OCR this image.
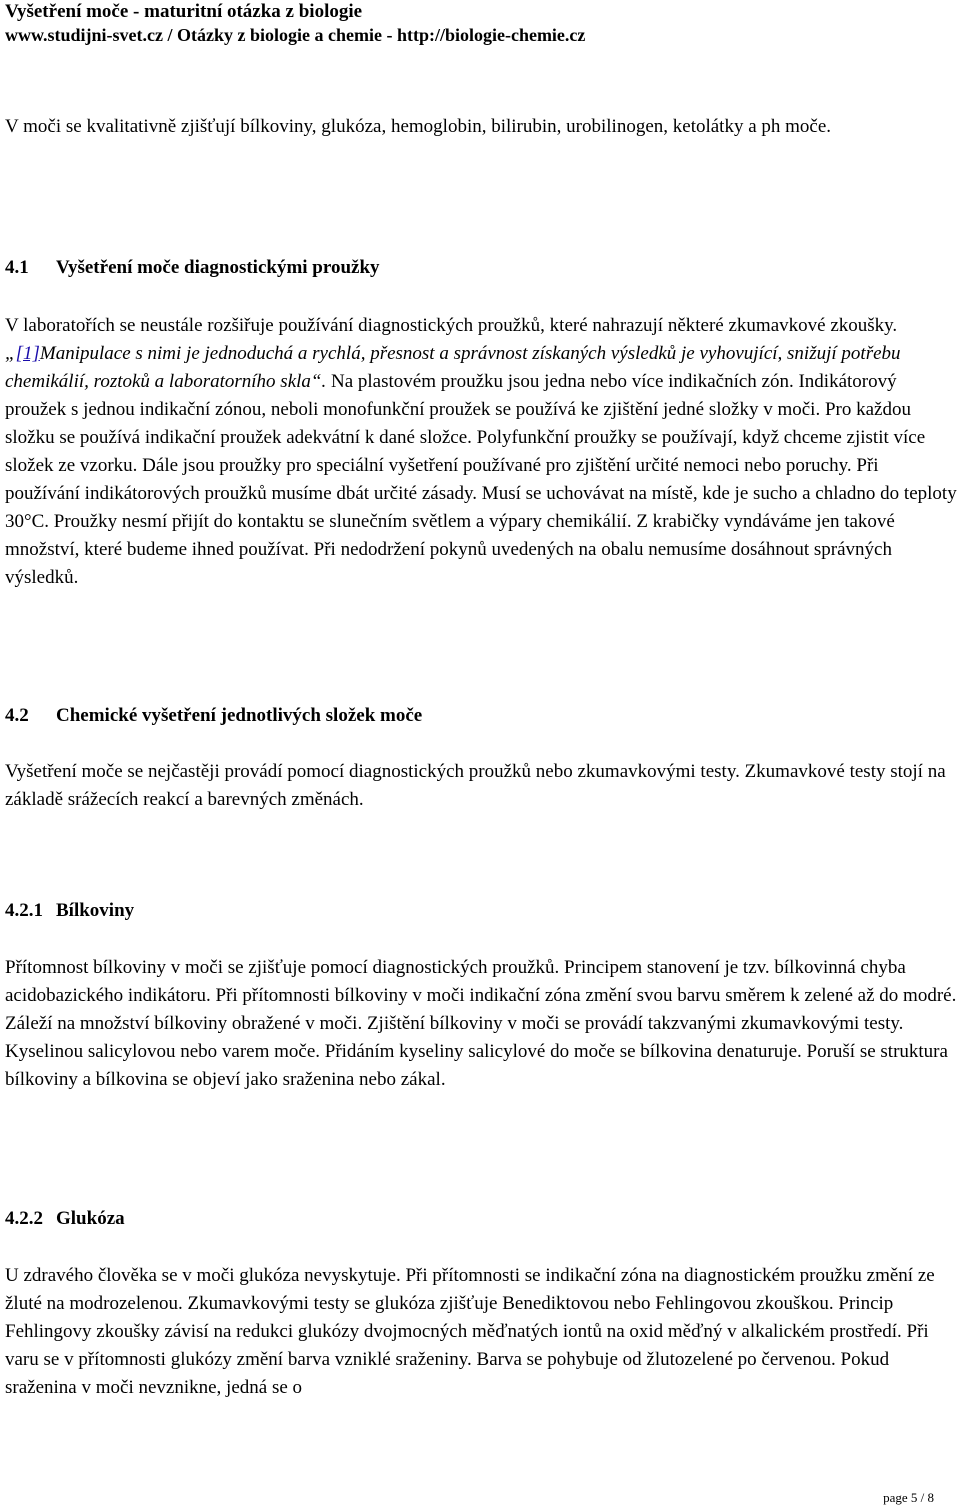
Vyšetření moče - maturitní otázka z biologie
www.studijni-svet.cz / Otázky z biologie a chemie - http://biologie-chemie.cz
V moči se kvalitativně zjišťují bílkoviny, glukóza, hemoglobin, bilirubin, urobilinogen, ketolátky a ph moče.
4.1 Vyšetření moče diagnostickými proužky
V laboratořích se neustále rozšiřuje používání diagnostických proužků, které nahrazují některé zkumavkové zkoušky. „[1]Manipulace s nimi je jednoduchá a rychlá, přesnost a správnost získaných výsledků je vyhovující, snižují potřebu chemikálií, roztoků a laboratorního skla“. Na plastovém proužku jsou jedna nebo více indikačních zón. Indikátorový proužek s jednou indikační zónou, neboli monofunkční proužek se používá ke zjištění jedné složky v moči. Pro každou složku se používá indikační proužek adekvátní k dané složce. Polyfunkční proužky se používají, když chceme zjistit více složek ze vzorku. Dále jsou proužky pro speciální vyšetření používané pro zjištění určité nemoci nebo poruchy. Při používání indikátorových proužků musíme dbát určité zásady. Musí se uchovávat na místě, kde je sucho a chladno do teploty 30°C. Proužky nesmí přijít do kontaktu se slunečním světlem a výpary chemikálií. Z krabičky vyndáváme jen takové množství, které budeme ihned používat. Při nedodržení pokynů uvedených na obalu nemusíme dosáhnout správných výsledků.
4.2 Chemické vyšetření jednotlivých složek moče
Vyšetření moče se nejčastěji provádí pomocí diagnostických proužků nebo zkumavkovými testy. Zkumavkové testy stojí na základě srážecích reakcí a barevných změnách.
4.2.1 Bílkoviny
Přítomnost bílkoviny v moči se zjišťuje pomocí diagnostických proužků. Principem stanovení je tzv. bílkovinná chyba acidobazického indikátoru. Při přítomnosti bílkoviny v moči indikační zóna změní svou barvu směrem k zelené až do modré. Záleží na množství bílkoviny obražené v moči. Zjištění bílkoviny v moči se provádí takzvanými zkumavkovými testy. Kyselinou salicylovou nebo varem moče. Přidáním kyseliny salicylové do moče se bílkovina denaturuje. Poruší se struktura bílkoviny a bílkovina se objeví jako sraženina nebo zákal.
4.2.2 Glukóza
U zdravého člověka se v moči glukóza nevyskytuje. Při přítomnosti se indikační zóna na diagnostickém proužku změní ze žluté na modrozelenou. Zkumavkovými testy se glukóza zjišťuje Benediktovou nebo Fehlingovou zkouškou. Princip Fehlingovy zkoušky závisí na redukci glukózy dvojmocných měďnatých iontů na oxid měďný v alkalickém prostředí. Při varu se v přítomnosti glukózy změní barva vzniklé sraženiny. Barva se pohybuje od žlutozelené po červenou. Pokud sraženina v moči nevznikne, jedná se o
page 5 / 8
